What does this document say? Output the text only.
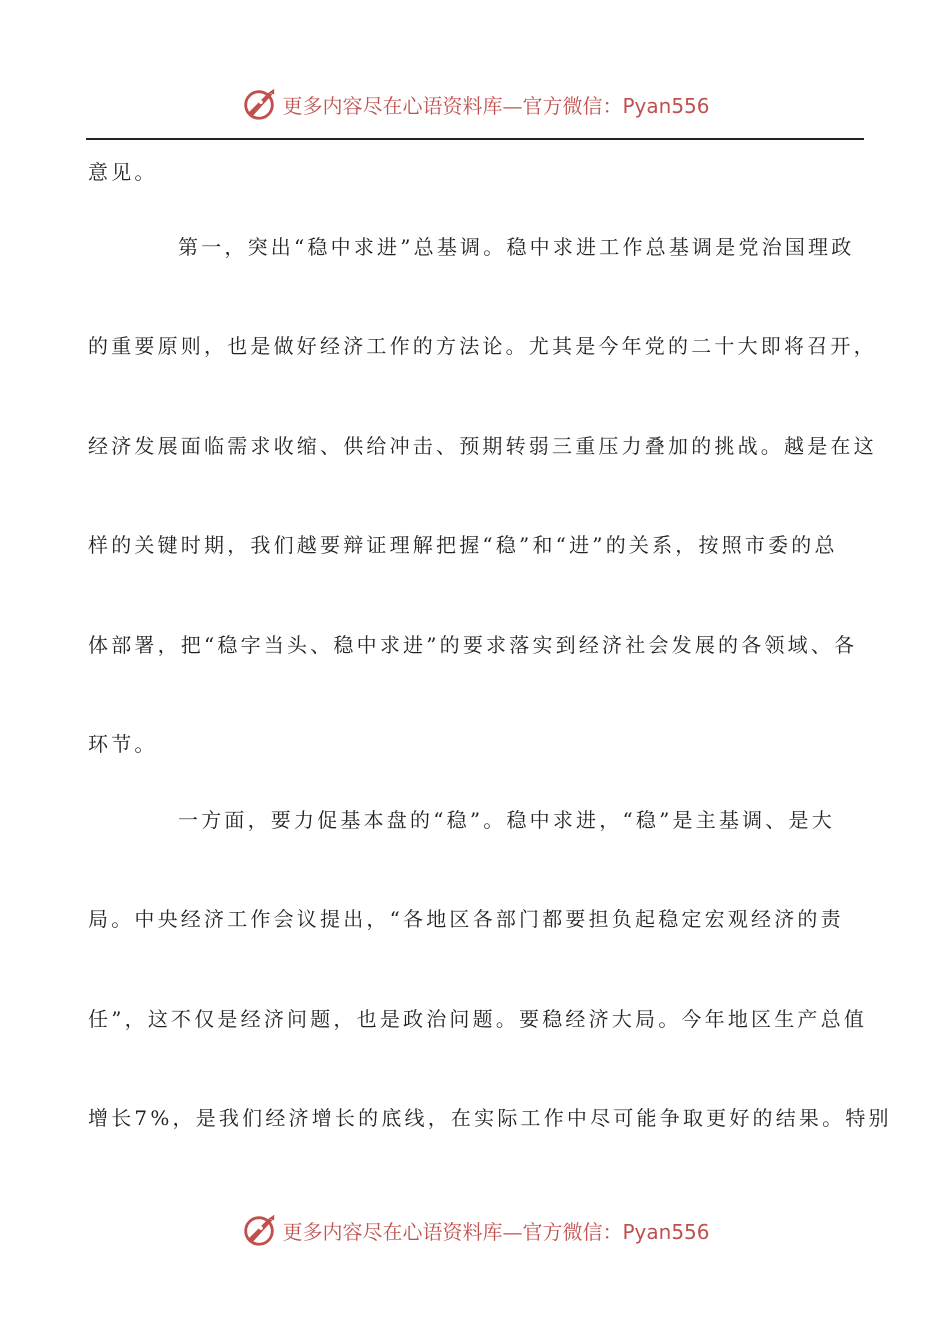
更多内容尽在心语资料库—官方微信：Pyan556
意见。
第一，突出“稳中求进”总基调。稳中求进工作总基调是党治国理政
的重要原则，也是做好经济工作的方法论。尤其是今年党的二十大即将召开，
经济发展面临需求收缩、供给冲击、预期转弱三重压力叠加的挑战。越是在这
样的关键时期，我们越要辩证理解把握“稳”和“进”的关系，按照市委的总
体部署，把“稳字当头、稳中求进”的要求落实到经济社会发展的各领域、各
环节。
一方面，要力促基本盘的“稳”。稳中求进，“稳”是主基调、是大
局。中央经济工作会议提出，“各地区各部门都要担负起稳定宏观经济的责
任”，这不仅是经济问题，也是政治问题。要稳经济大局。今年地区生产总值
增长7%，是我们经济增长的底线，在实际工作中尽可能争取更好的结果。特别
更多内容尽在心语资料库—官方微信：Pyan556
